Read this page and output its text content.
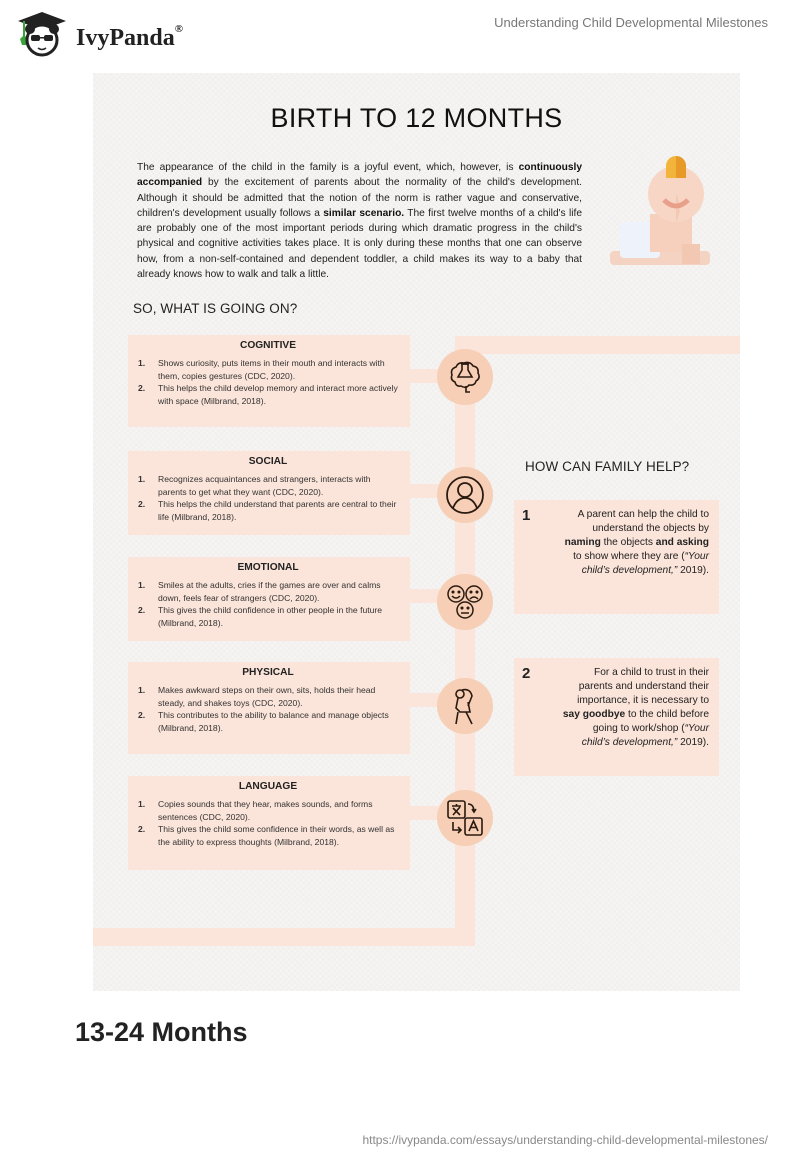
IvyPanda®	Understanding Child Developmental Milestones
BIRTH TO 12 MONTHS
The appearance of the child in the family is a joyful event, which, however, is continuously accompanied by the excitement of parents about the normality of the child's development. Although it should be admitted that the notion of the norm is rather vague and conservative, children's development usually follows a similar scenario. The first twelve months of a child's life are probably one of the most important periods during which dramatic progress in the child's physical and cognitive activities takes place. It is only during these months that one can observe how, from a non-self-contained and dependent toddler, a child makes its way to a baby that already knows how to walk and talk a little.
SO, WHAT IS GOING ON?
COGNITIVE
1.	Shows curiosity, puts items in their mouth and interacts with them, copies gestures (CDC, 2020).
2.	This helps the child develop memory and interact more actively with space (Milbrand, 2018).
SOCIAL
1.	Recognizes acquaintances and strangers, interacts with parents to get what they want (CDC, 2020).
2.	This helps the child understand that parents are central to their life (Milbrand, 2018).
EMOTIONAL
1.	Smiles at the adults, cries if the games are over and calms down, feels fear of strangers (CDC, 2020).
2.	This gives the child confidence in other people in the future (Milbrand, 2018).
PHYSICAL
1.	Makes awkward steps on their own, sits, holds their head steady, and shakes toys (CDC, 2020).
2.	This contributes to the ability to balance and manage objects (Milbrand, 2018).
LANGUAGE
1.	Copies sounds that they hear, makes sounds, and forms sentences (CDC, 2020).
2.	This gives the child some confidence in their words, as well as the ability to express thoughts (Milbrand, 2018).
HOW CAN FAMILY HELP?
1	A parent can help the child to understand the objects by naming the objects and asking to show where they are (“Your child’s development,” 2019).
2	For a child to trust in their parents and understand their importance, it is necessary to say goodbye to the child before going to work/shop (“Your child’s development,” 2019).
13-24 Months
https://ivypanda.com/essays/understanding-child-developmental-milestones/
